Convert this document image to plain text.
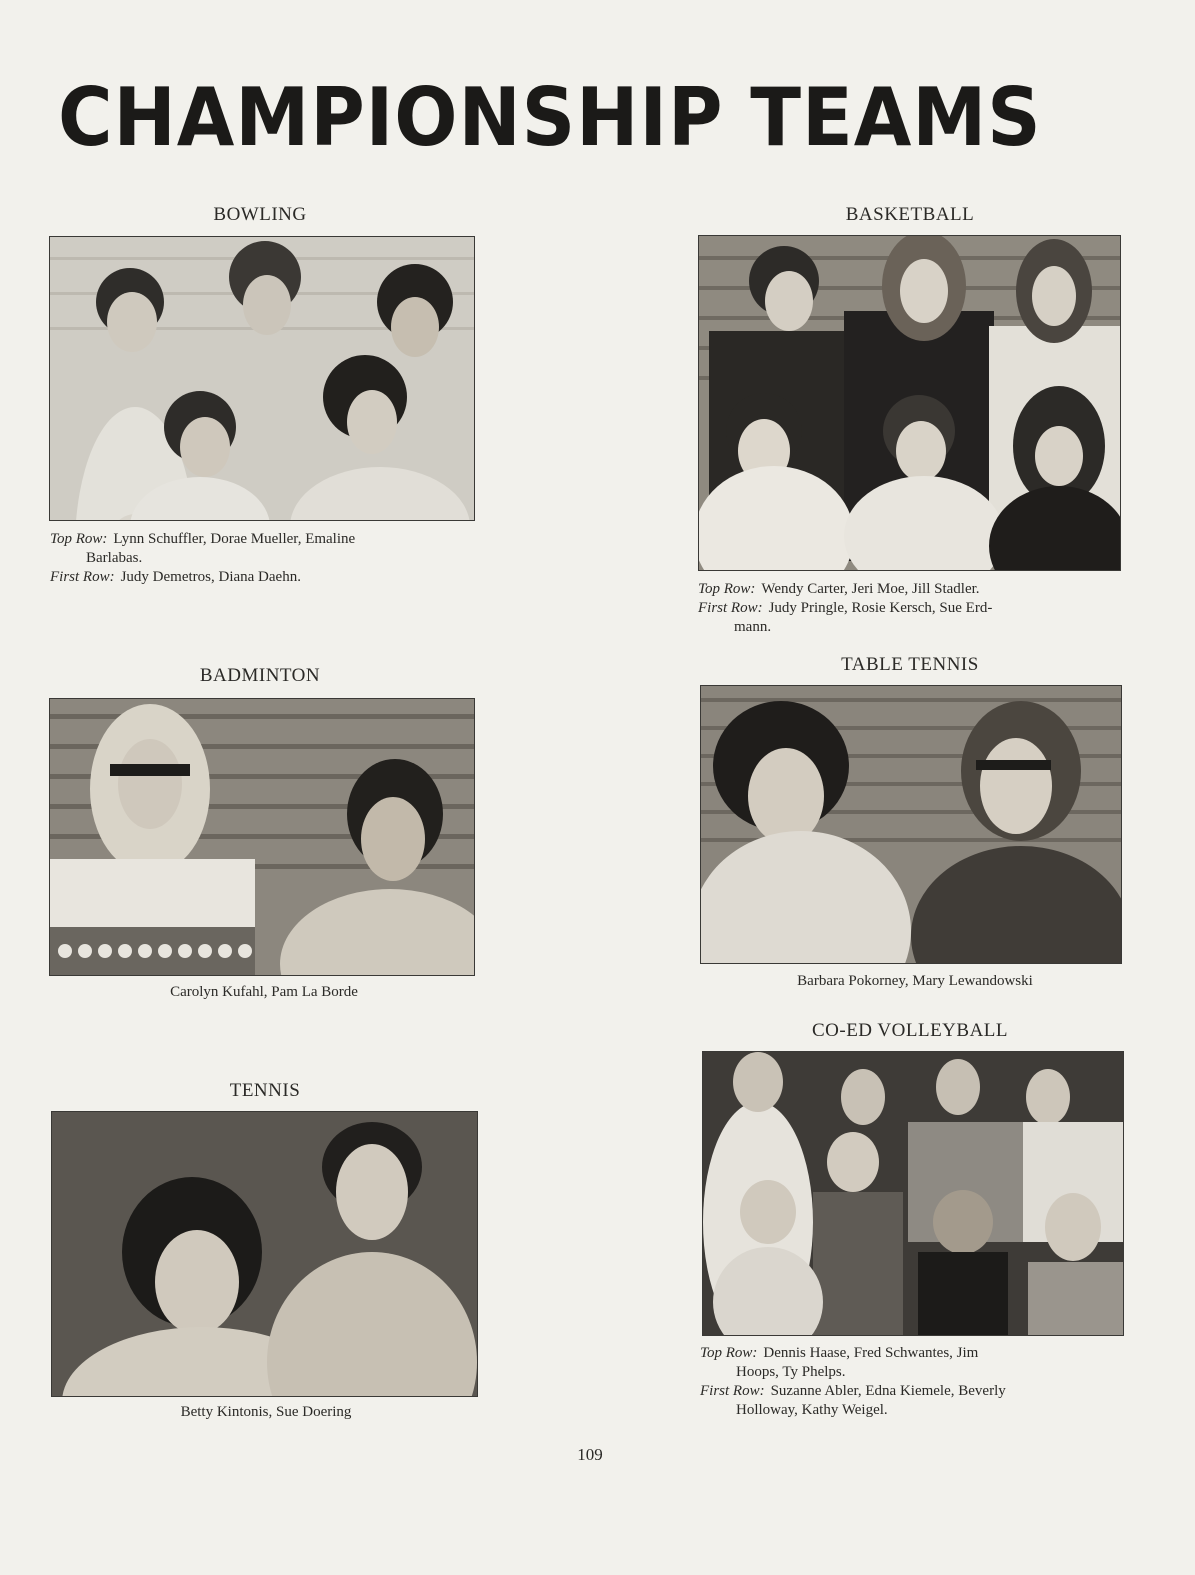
CHAMPIONSHIP TEAMS
BOWLING
Top Row: Lynn Schuffler, Dorae Mueller, Emaline
Barlabas.
First Row: Judy Demetros, Diana Daehn.
BASKETBALL
Top Row: Wendy Carter, Jeri Moe, Jill Stadler.
First Row: Judy Pringle, Rosie Kersch, Sue Erd-
mann.
BADMINTON
Carolyn Kufahl, Pam La Borde
TABLE TENNIS
Barbara Pokorney, Mary Lewandowski
TENNIS
Betty Kintonis, Sue Doering
CO-ED VOLLEYBALL
Top Row: Dennis Haase, Fred Schwantes, Jim
Hoops, Ty Phelps.
First Row: Suzanne Abler, Edna Kiemele, Beverly
Holloway, Kathy Weigel.
109
